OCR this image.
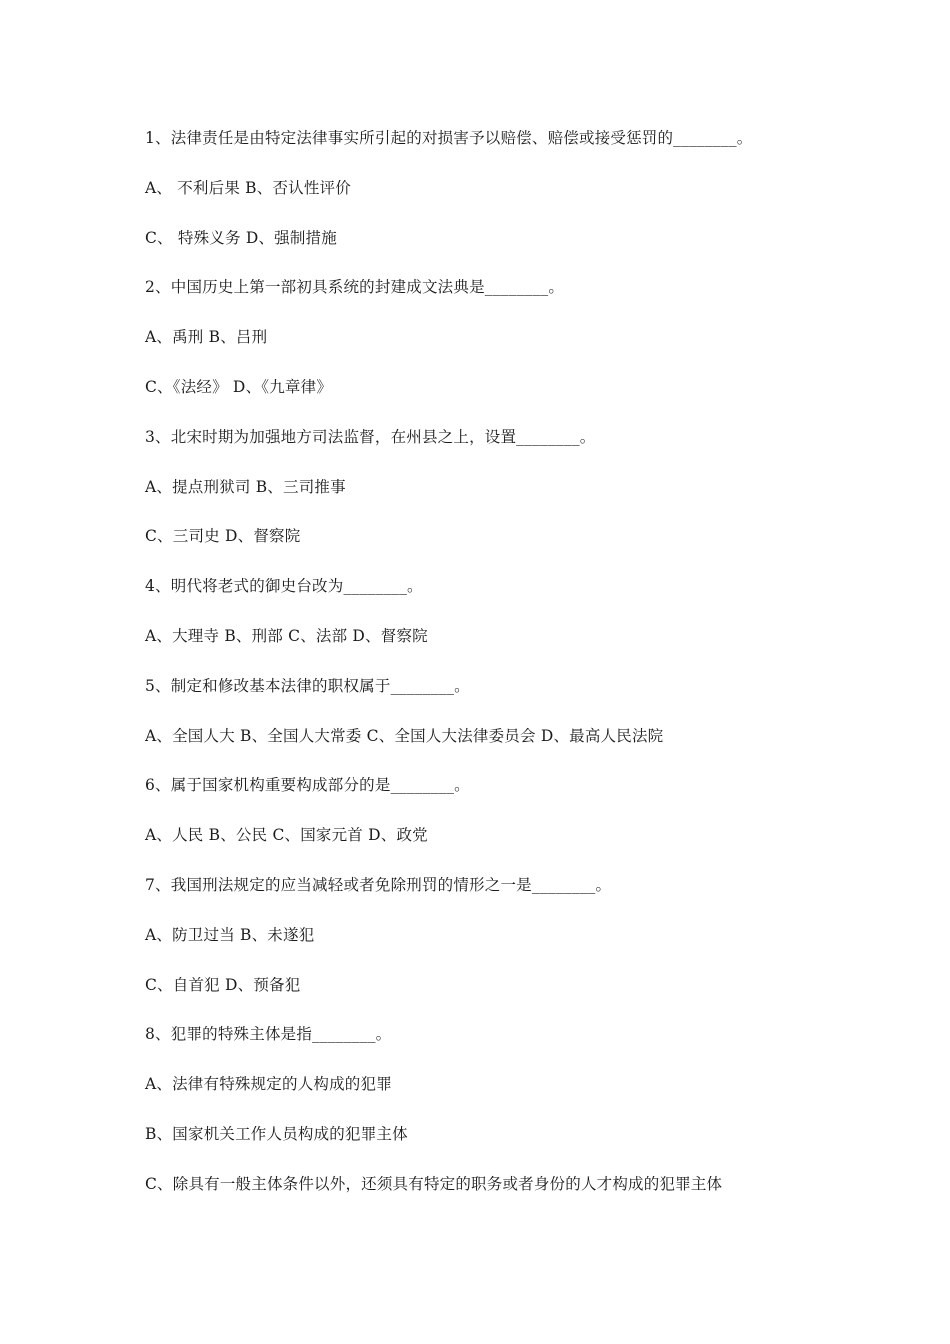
1、法律责任是由特定法律事实所引起的对损害予以赔偿、赔偿或接受惩罚的________。
A、 不利后果 B、否认性评价
C、 特殊义务 D、强制措施
2、中国历史上第一部初具系统的封建成文法典是________。
A、禹刑 B、吕刑
C、《法经》 D、《九章律》
3、北宋时期为加强地方司法监督，在州县之上，设置________。
A、提点刑狱司 B、三司推事
C、三司史 D、督察院
4、明代将老式的御史台改为________。
A、大理寺 B、刑部 C、法部 D、督察院
5、制定和修改基本法律的职权属于________。
A、全国人大 B、全国人大常委 C、全国人大法律委员会 D、最高人民法院
6、属于国家机构重要构成部分的是________。
A、人民 B、公民 C、国家元首 D、政党
7、我国刑法规定的应当减轻或者免除刑罚的情形之一是________。
A、防卫过当 B、未遂犯
C、自首犯 D、预备犯
8、犯罪的特殊主体是指________。
A、法律有特殊规定的人构成的犯罪
B、国家机关工作人员构成的犯罪主体
C、除具有一般主体条件以外，还须具有特定的职务或者身份的人才构成的犯罪主体
